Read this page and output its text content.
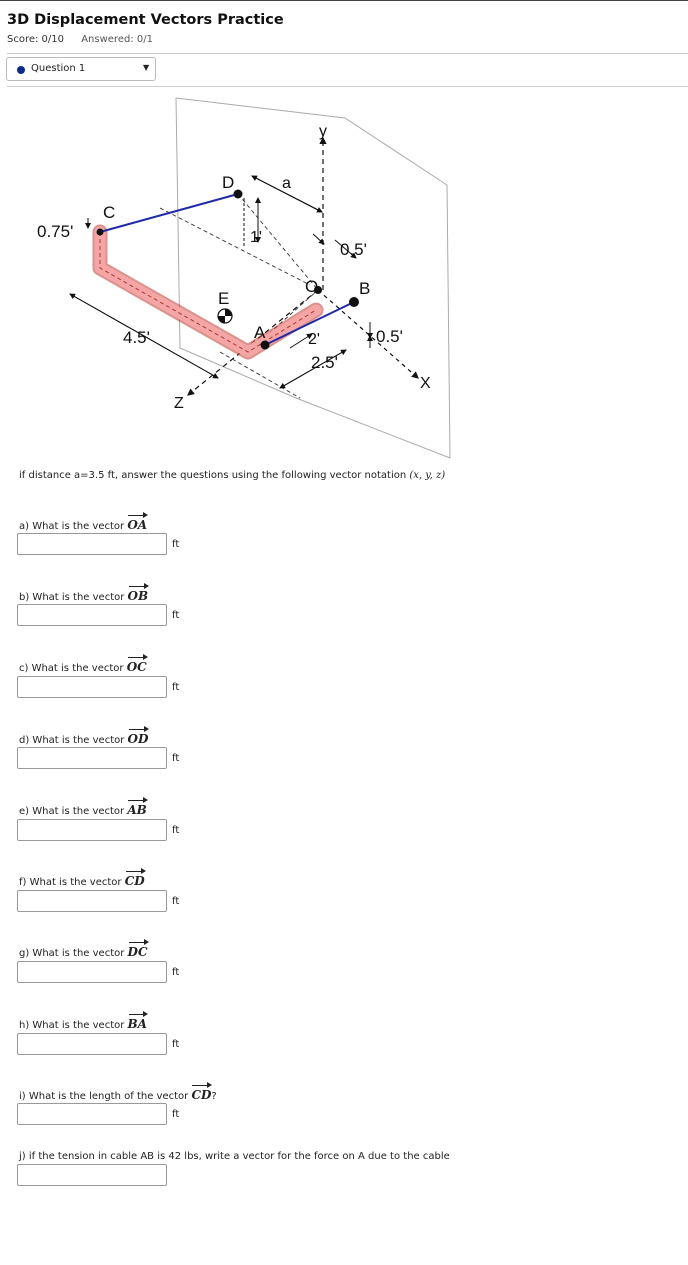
3D Displacement Vectors Practice
Score: 0/10 Answered: 0/1
Question 1	▼
y
a
D
C
0.75'	1'
0.5'
E
O B
4.5'	A	2'	0.5'
2.5'
X
Z
if distance a=3.5 ft, answer the questions using the following vector notation (x, y, z)
a) What is the vector OA
ft
b) What is the vector OB
ft
c) What is the vector OC
ft
d) What is the vector OD
ft
e) What is the vector AB
ft
f) What is the vector CD
ft
g) What is the vector DC
ft
h) What is the vector BA
ft
i) What is the length of the vector CD?
ft
j) if the tension in cable AB is 42 lbs, write a vector for the force on A due to the cable
